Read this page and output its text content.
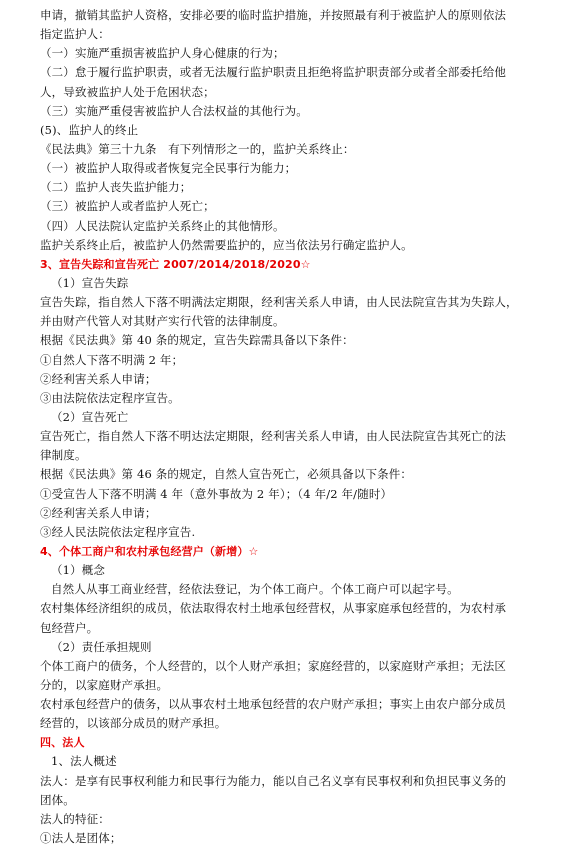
申请，撤销其监护人资格，安排必要的临时监护措施，并按照最有利于被监护人的原则依法
指定监护人：
（一）实施严重损害被监护人身心健康的行为；
（二）怠于履行监护职责，或者无法履行监护职责且拒绝将监护职责部分或者全部委托给他
人，导致被监护人处于危困状态；
（三）实施严重侵害被监护人合法权益的其他行为。
(5)、监护人的终止
《民法典》第三十九条　有下列情形之一的，监护关系终止：
（一）被监护人取得或者恢复完全民事行为能力；
（二）监护人丧失监护能力；
（三）被监护人或者监护人死亡；
（四）人民法院认定监护关系终止的其他情形。
监护关系终止后，被监护人仍然需要监护的，应当依法另行确定监护人。
3、宣告失踪和宣告死亡 2007/2014/2018/2020☆
（1）宣告失踪
宣告失踪，指自然人下落不明满法定期限，经利害关系人申请，由人民法院宣告其为失踪人，
并由财产代管人对其财产实行代管的法律制度。
根据《民法典》第 40 条的规定，宣告失踪需具备以下条件：
①自然人下落不明满 2 年；
②经利害关系人申请；
③由法院依法定程序宣告。
（2）宣告死亡
宣告死亡，指自然人下落不明达法定期限，经利害关系人申请，由人民法院宣告其死亡的法
律制度。
根据《民法典》第 46 条的规定，自然人宣告死亡，必须具备以下条件：
①受宣告人下落不明满 4 年（意外事故为 2 年）；（4 年/2 年/随时）
②经利害关系人申请；
③经人民法院依法定程序宣告.
4、个体工商户和农村承包经营户（新增）☆
（1）概念
自然人从事工商业经营，经依法登记，为个体工商户。个体工商户可以起字号。
农村集体经济组织的成员，依法取得农村土地承包经营权，从事家庭承包经营的，为农村承
包经营户。
（2）责任承担规则
个体工商户的债务，个人经营的，以个人财产承担；家庭经营的，以家庭财产承担；无法区
分的，以家庭财产承担。
农村承包经营户的债务，以从事农村土地承包经营的农户财产承担；事实上由农户部分成员
经营的，以该部分成员的财产承担。
四、法人
1、法人概述
法人：是享有民事权利能力和民事行为能力，能以自己名义享有民事权利和负担民事义务的
团体。
法人的特征：
①法人是团体；
